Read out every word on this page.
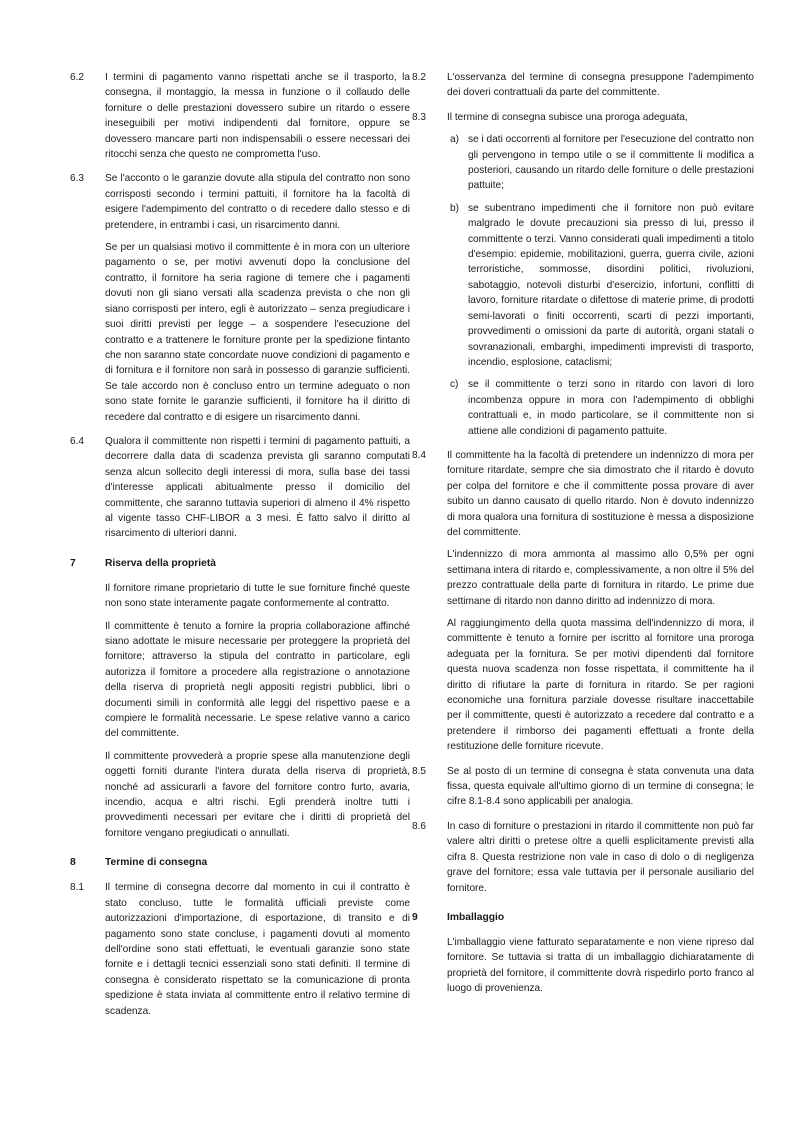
6.2	I termini di pagamento vanno rispettati anche se il trasporto, la consegna, il montaggio, la messa in funzione o il collaudo delle forniture o delle prestazioni dovessero subire un ritardo o essere ineseguibili per motivi indipendenti dal fornitore, oppure se dovessero mancare parti non indispensabili o essere necessari dei ritocchi senza che questo ne comprometta l'uso.

6.3	Se l'acconto o le garanzie dovute alla stipula del contratto non sono corrisposti secondo i termini pattuiti, il fornitore ha la facoltà di esigere l'adempimento del contratto o di recedere dallo stesso e di pretendere, in entrambi i casi, un risarcimento danni.

Se per un qualsiasi motivo il committente è in mora con un ulteriore pagamento o se, per motivi avvenuti dopo la conclusione del contratto, il fornitore ha seria ragione di temere che i pagamenti dovuti non gli siano versati alla scadenza prevista o che non gli siano corrisposti per intero, egli è autorizzato – senza pregiudicare i suoi diritti previsti per legge – a sospendere l'esecuzione del contratto e a trattenere le forniture pronte per la spedizione fintanto che non saranno state concordate nuove condizioni di pagamento e di fornitura e il fornitore non sarà in possesso di garanzie sufficienti. Se tale accordo non è concluso entro un termine adeguato o non sono state fornite le garanzie sufficienti, il fornitore ha il diritto di recedere dal contratto e di esigere un risarcimento danni.

6.4	Qualora il committente non rispetti i termini di pagamento pattuiti, a decorrere dalla data di scadenza prevista gli saranno computati senza alcun sollecito degli interessi di mora, sulla base dei tassi d'interesse applicati abitualmente presso il domicilio del committente, che saranno tuttavia superiori di almeno il 4% rispetto al vigente tasso CHF-LIBOR a 3 mesi. È fatto salvo il diritto al risarcimento di ulteriori danni.

7	Riserva della proprietà

Il fornitore rimane proprietario di tutte le sue forniture finché queste non sono state interamente pagate conformemente al contratto.

Il committente è tenuto a fornire la propria collaborazione affinché siano adottate le misure necessarie per proteggere la proprietà del fornitore; attraverso la stipula del contratto in particolare, egli autorizza il fornitore a procedere alla registrazione o annotazione della riserva di proprietà negli appositi registri pubblici, libri o documenti simili in conformità alle leggi del rispettivo paese e a compiere le formalità necessarie. Le spese relative vanno a carico del committente.

Il committente provvederà a proprie spese alla manutenzione degli oggetti forniti durante l'intera durata della riserva di proprietà, nonché ad assicurarli a favore del fornitore contro furto, avaria, incendio, acqua e altri rischi. Egli prenderà inoltre tutti i provvedimenti necessari per evitare che i diritti di proprietà del fornitore vengano pregiudicati o annullati.

8	Termine di consegna
8.1	Il termine di consegna decorre dal momento in cui il contratto è stato concluso, tutte le formalità ufficiali previste come autorizzazioni d'importazione, di esportazione, di transito e di pagamento sono state concluse, i pagamenti dovuti al momento dell'ordine sono stati effettuati, le eventuali garanzie sono state fornite e i dettagli tecnici essenziali sono stati definiti. Il termine di consegna è considerato rispettato se la comunicazione di pronta spedizione è stata inviata al committente entro il relativo termine di scadenza.

8.2	L'osservanza del termine di consegna presuppone l'adempimento dei doveri contrattuali da parte del committente.

8.3	Il termine di consegna subisce una proroga adeguata,

a) se i dati occorrenti al fornitore per l'esecuzione del contratto non gli pervengono in tempo utile o se il committente li modifica a posteriori, causando un ritardo delle forniture o delle prestazioni pattuite;
b) se subentrano impedimenti che il fornitore non può evitare malgrado le dovute precauzioni sia presso di lui, presso il committente o terzi. Vanno considerati quali impedimenti a titolo d'esempio: epidemie, mobilitazioni, guerra, guerra civile, azioni terroristiche, sommosse, disordini politici, rivoluzioni, sabotaggio, notevoli disturbi d'esercizio, infortuni, conflitti di lavoro, forniture ritardate o difettose di materie prime, di prodotti semi-lavorati o finiti occorrenti, scarti di pezzi importanti, provvedimenti o omissioni da parte di autorità, organi statali o sovranazionali, embarghi, impedimenti imprevisti di trasporto, incendio, esplosione, cataclismi;
c) se il committente o terzi sono in ritardo con lavori di loro incombenza oppure in mora con l'adempimento di obblighi contrattuali e, in modo particolare, se il committente non si attiene alle condizioni di pagamento pattuite.
8.4	Il committente ha la facoltà di pretendere un indennizzo di mora per forniture ritardate, sempre che sia dimostrato che il ritardo è dovuto per colpa del fornitore e che il committente possa provare di aver subito un danno causato di quello ritardo. Non è dovuto indennizzo di mora qualora una fornitura di sostituzione è messa a disposizione del committente.

L'indennizzo di mora ammonta al massimo allo 0,5% per ogni settimana intera di ritardo e, complessivamente, a non oltre il 5% del prezzo contrattuale della parte di fornitura in ritardo. Le prime due settimane di ritardo non danno diritto ad indennizzo di mora.

Al raggiungimento della quota massima dell'indennizzo di mora, il committente è tenuto a fornire per iscritto al fornitore una proroga adeguata per la fornitura. Se per motivi dipendenti dal fornitore questa nuova scadenza non fosse rispettata, il committente ha il diritto di rifiutare la parte di fornitura in ritardo. Se per ragioni economiche una fornitura parziale dovesse risultare inaccettabile per il committente, questi è autorizzato a recedere dal contratto e a pretendere il rimborso dei pagamenti effettuati a fronte della restituzione delle forniture ricevute.

8.5	Se al posto di un termine di consegna è stata convenuta una data fissa, questa equivale all'ultimo giorno di un termine di consegna; le cifre 8.1-8.4 sono applicabili per analogia.

8.6	In caso di forniture o prestazioni in ritardo il committente non può far valere altri diritti o pretese oltre a quelli esplicitamente previsti alla cifra 8. Questa restrizione non vale in caso di dolo o di negligenza grave del fornitore; essa vale tuttavia per il personale ausiliario del fornitore.

9	Imballaggio

L'imballaggio viene fatturato separatamente e non viene ripreso dal fornitore. Se tuttavia si tratta di un imballaggio dichiaratamente di proprietà del fornitore, il committente dovrà rispedirlo porto franco al luogo di provenienza.
